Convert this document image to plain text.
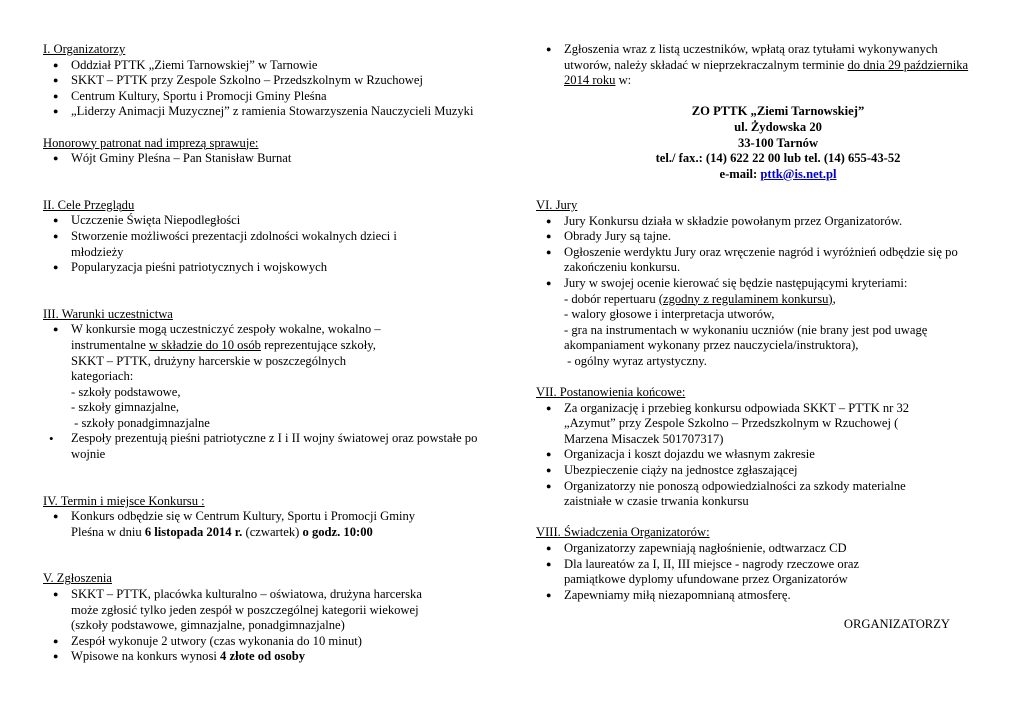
I. Organizatorzy
● Oddział PTTK „Ziemi Tarnowskiej” w Tarnowie
● SKKT – PTTK przy Zespole Szkolno – Przedszkolnym w Rzuchowej
● Centrum Kultury, Sportu i Promocji Gminy Pleśna
● „Liderzy Animacji Muzycznej” z ramienia Stowarzyszenia Nauczycieli Muzyki
Honorowy patronat nad imprezą sprawuje:
● Wójt Gminy Pleśna – Pan Stanisław Burnat
II. Cele Przeglądu
● Uczczenie Święta Niepodległości
● Stworzenie możliwości prezentacji zdolności wokalnych dzieci i młodzieży
● Popularyzacja pieśni patriotycznych i wojskowych
III. Warunki uczestnictwa
● W konkursie mogą uczestniczyć zespoły wokalne, wokalno – instrumentalne w składzie do 10 osób reprezentujące szkoły, SKKT – PTTK, drużyny harcerskie w poszczególnych kategoriach:
- szkoły podstawowe,
- szkoły gimnazjalne,
- szkoły ponadgimnazjalne
• Zespoły prezentują pieśni patriotyczne z I i II wojny światowej oraz powstałe po wojnie
IV. Termin i miejsce Konkursu :
● Konkurs odbędzie się w Centrum Kultury, Sportu i Promocji Gminy Pleśna w dniu 6 listopada 2014 r. (czwartek) o godz. 10:00
V. Zgłoszenia
● SKKT – PTTK, placówka kulturalno – oświatowa, drużyna harcerska może zgłosić tylko jeden zespół w poszczególnej kategorii wiekowej (szkoły podstawowe, gimnazjalne, ponadgimnazjalne)
● Zespół wykonuje 2 utwory (czas wykonania do 10 minut)
● Wpisowe na konkurs wynosi 4 złote od osoby
● Zgłoszenia wraz z listą uczestników, wpłatą oraz tytułami wykonywanych utworów, należy składać w nieprzekraczalnym terminie do dnia 29 października 2014 roku w:
ZO PTTK „Ziemi Tarnowskiej”
ul. Żydowska 20
33-100 Tarnów
tel./ fax.: (14) 622 22 00 lub tel. (14) 655-43-52
e-mail: pttk@is.net.pl
VI. Jury
● Jury Konkursu działa w składzie powołanym przez Organizatorów.
● Obrady Jury są tajne.
● Ogłoszenie werdyktu Jury oraz wręczenie nagród i wyróżnień odbędzie się po zakończeniu konkursu.
● Jury w swojej ocenie kierować się będzie następującymi kryteriami:
- dobór repertuaru (zgodny z regulaminem konkursu),
- walory głosowe i interpretacja utworów,
- gra na instrumentach w wykonaniu uczniów (nie brany jest pod uwagę akompaniament wykonany przez nauczyciela/instruktora),
- ogólny wyraz artystyczny.
VII. Postanowienia końcowe:
● Za organizację i przebieg konkursu odpowiada SKKT – PTTK nr 32 „Azymut” przy Zespole Szkolno – Przedszkolnym w Rzuchowej ( Marzena Misaczek 501707317)
● Organizacja i koszt dojazdu we własnym zakresie
● Ubezpieczenie ciąży na jednostce zgłaszającej
● Organizatorzy nie ponoszą odpowiedzialności za szkody materialne zaistniałe w czasie trwania konkursu
VIII. Świadczenia Organizatorów:
● Organizatorzy zapewniają nagłośnienie, odtwarzacz CD
● Dla laureatów za I, II, III miejsce - nagrody rzeczowe oraz pamiątkowe dyplomy ufundowane przez Organizatorów
● Zapewniamy miłą niezapomnianą atmosferę.
ORGANIZATORZY
